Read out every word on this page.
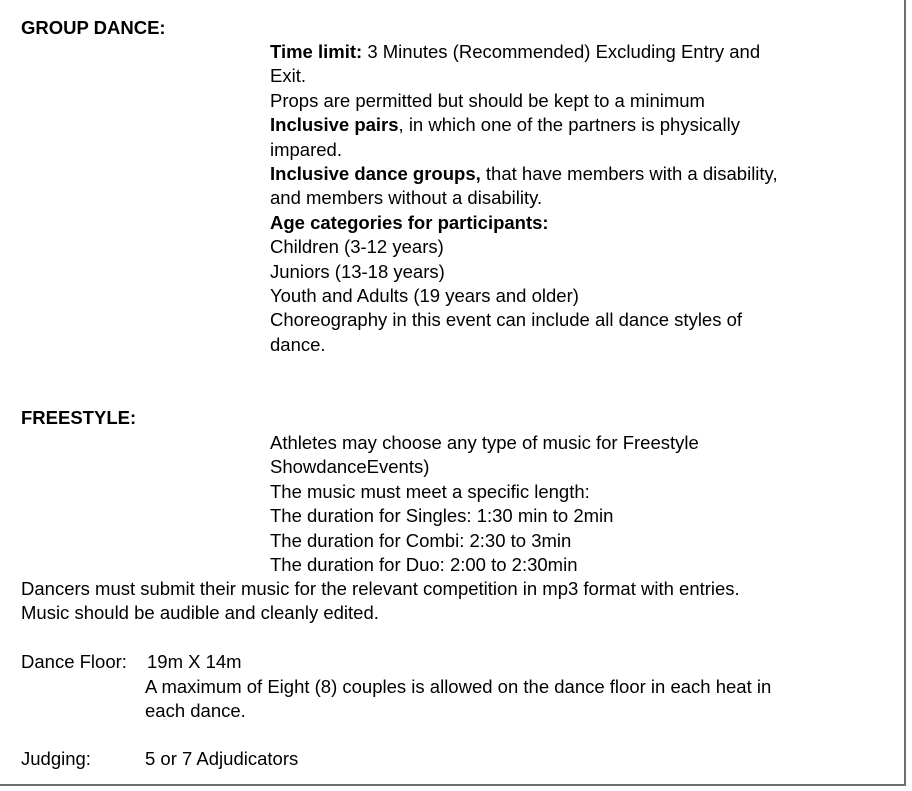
GROUP DANCE:

Time limit: 3 Minutes (Recommended) Excluding Entry and

Exit.

Props are permitted but should be kept to a minimum

Inclusive pairs, in which one of the partners is physically

impared.

Inclusive dance groups, that have members with a disability,

and members without a disability.

Age categories for participants:

Children (3-12 years)

Juniors (13-18 years)

Youth and Adults (19 years and older)

Choreography in this event can include all dance styles of

dance.

FREESTYLE:

Athletes may choose any type of music for Freestyle

ShowdanceEvents)

The music must meet a specific length:

The duration for Singles: 1:30 min to 2min

The duration for Combi: 2:30 to 3min

The duration for Duo: 2:00 to 2:30min

Dancers must submit their music for the relevant competition in mp3 format with entries.

Music should be audible and cleanly edited.

Dance Floor: 19m X 14m

A maximum of Eight (8) couples is allowed on the dance floor in each heat in

each dance.

Judging:	5 or 7 Adjudicators
